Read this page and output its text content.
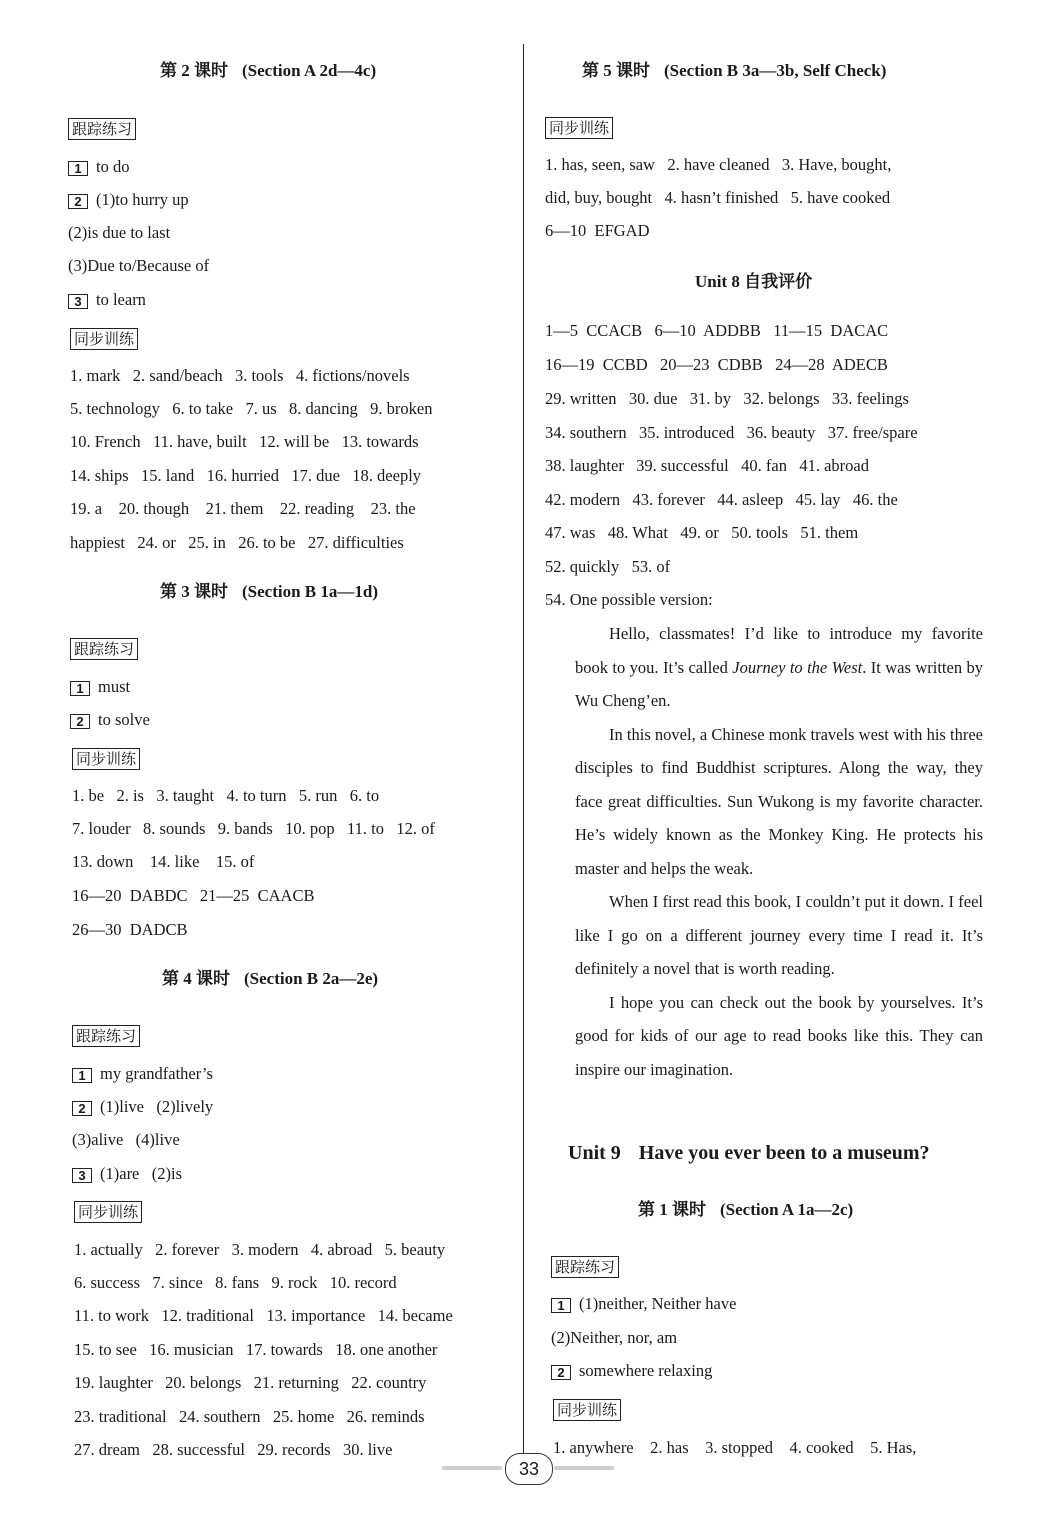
第 2 课时 (Section A 2d—4c)
跟踪练习
1 to do
2 (1)to hurry up
(2)is due to last
(3)Due to/Because of
3 to learn
同步训练
1. mark   2. sand/beach   3. tools   4. fictions/novels
5. technology   6. to take   7. us   8. dancing   9. broken
10. French   11. have, built   12. will be   13. towards
14. ships   15. land   16. hurried   17. due   18. deeply
19. a    20. though    21. them    22. reading    23. the
happiest   24. or   25. in   26. to be   27. difficulties
第 3 课时 (Section B 1a—1d)
跟踪练习
1 must
2 to solve
同步训练
1. be   2. is   3. taught   4. to turn   5. run   6. to
7. louder   8. sounds   9. bands   10. pop   11. to   12. of
13. down    14. like    15. of
16—20  DABDC   21—25  CAACB
26—30  DADCB
第 4 课时 (Section B 2a—2e)
跟踪练习
1 my grandfather’s
2 (1)live   (2)lively
(3)alive   (4)live
3 (1)are   (2)is
同步训练
1. actually   2. forever   3. modern   4. abroad   5. beauty
6. success   7. since   8. fans   9. rock   10. record
11. to work   12. traditional   13. importance   14. became
15. to see   16. musician   17. towards   18. one another
19. laughter   20. belongs   21. returning   22. country
23. traditional   24. southern   25. home   26. reminds
27. dream   28. successful   29. records   30. live
第 5 课时 (Section B 3a—3b, Self Check)
同步训练
1. has, seen, saw   2. have cleaned   3. Have, bought,
did, buy, bought   4. hasn’t finished   5. have cooked
6—10  EFGAD
Unit 8 自我评价
1—5  CCACB   6—10  ADDBB   11—15  DACAC
16—19  CCBD   20—23  CDBB   24—28  ADECB
29. written   30. due   31. by   32. belongs   33. feelings
34. southern   35. introduced   36. beauty   37. free/spare
38. laughter   39. successful   40. fan   41. abroad
42. modern   43. forever   44. asleep   45. lay   46. the
47. was   48. What   49. or   50. tools   51. them
52. quickly   53. of
54. One possible version:

Hello, classmates! I’d like to introduce my favorite book to you. It’s called Journey to the West. It was written by Wu Cheng’en.

In this novel, a Chinese monk travels west with his three disciples to find Buddhist scriptures. Along the way, they face great difficulties. Sun Wukong is my favorite character. He’s widely known as the Monkey King. He protects his master and helps the weak.

When I first read this book, I couldn’t put it down. I feel like I go on a different journey every time I read it. It’s definitely a novel that is worth reading.

I hope you can check out the book by yourselves. It’s good for kids of our age to read books like this. They can inspire our imagination.

Unit 9 Have you ever been to a museum?
第 1 课时 (Section A 1a—2c)
跟踪练习
1 (1)neither, Neither have
(2)Neither, nor, am
2 somewhere relaxing
同步训练
1. anywhere    2. has    3. stopped    4. cooked    5. Has,
33
